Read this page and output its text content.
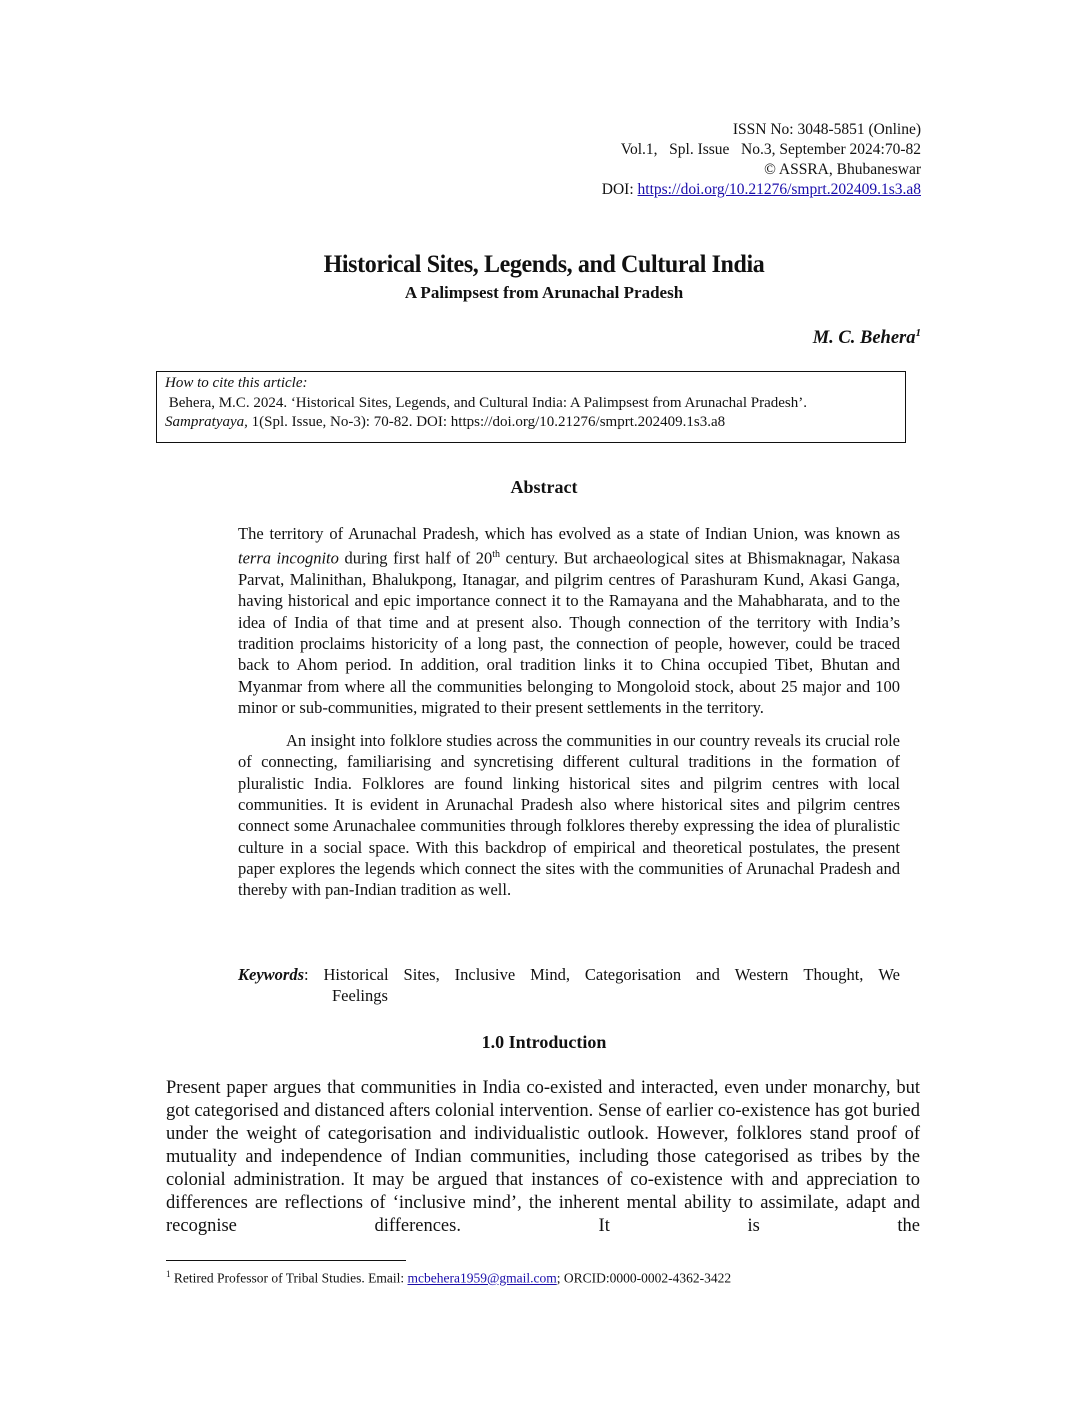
ISSN No: 3048-5851 (Online)
Vol.1,   Spl. Issue   No.3, September 2024:70-82
© ASSRA, Bhubaneswar
DOI: https://doi.org/10.21276/smprt.202409.1s3.a8
Historical Sites, Legends, and Cultural India
A Palimpsest from Arunachal Pradesh
M. C. Behera$^1$
How to cite this article:
Behera, M.C. 2024. ‘Historical Sites, Legends, and Cultural India: A Palimpsest from Arunachal Pradesh’.
Sampratyaya, 1(Spl. Issue, No-3): 70-82. DOI: https://doi.org/10.21276/smprt.202409.1s3.a8
Abstract

The territory of Arunachal Pradesh, which has evolved as a state of Indian Union, was known as terra incognito during first half of 20th century. But archaeological sites at Bhismaknagar, Nakasa Parvat, Malinithan, Bhalukpong, Itanagar, and pilgrim centres of Parashuram Kund, Akasi Ganga, having historical and epic importance connect it to the Ramayana and the Mahabharata, and to the idea of India of that time and at present also. Though connection of the territory with India’s tradition proclaims historicity of a long past, the connection of people, however, could be traced back to Ahom period. In addition, oral tradition links it to China occupied Tibet, Bhutan and Myanmar from where all the communities belonging to Mongoloid stock, about 25 major and 100 minor or sub-communities, migrated to their present settlements in the territory.

An insight into folklore studies across the communities in our country reveals its crucial role of connecting, familiarising and syncretising different cultural traditions in the formation of pluralistic India. Folklores are found linking historical sites and pilgrim centres with local communities. It is evident in Arunachal Pradesh also where historical sites and pilgrim centres connect some Arunachalee communities through folklores thereby expressing the idea of pluralistic culture in a social space. With this backdrop of empirical and theoretical postulates, the present paper explores the legends which connect the sites with the communities of Arunachal Pradesh and thereby with pan-Indian tradition as well.

Keywords: Historical Sites, Inclusive Mind, Categorisation and Western Thought, We
Feelings
1.0 Introduction
Present paper argues that communities in India co-existed and interacted, even under monarchy, but got categorised and distanced afters colonial intervention. Sense of earlier co-existence has got buried under the weight of categorisation and individualistic outlook. However, folklores stand proof of mutuality and independence of Indian communities, including those categorised as tribes by the colonial administration. It may be argued that instances of co-existence with and appreciation to differences are reflections of ‘inclusive mind’, the inherent mental ability to assimilate, adapt and recognise differences. It is the
$^1$ Retired Professor of Tribal Studies. Email: mcbehera1959@gmail.com; ORCID:0000-0002-4362-3422
